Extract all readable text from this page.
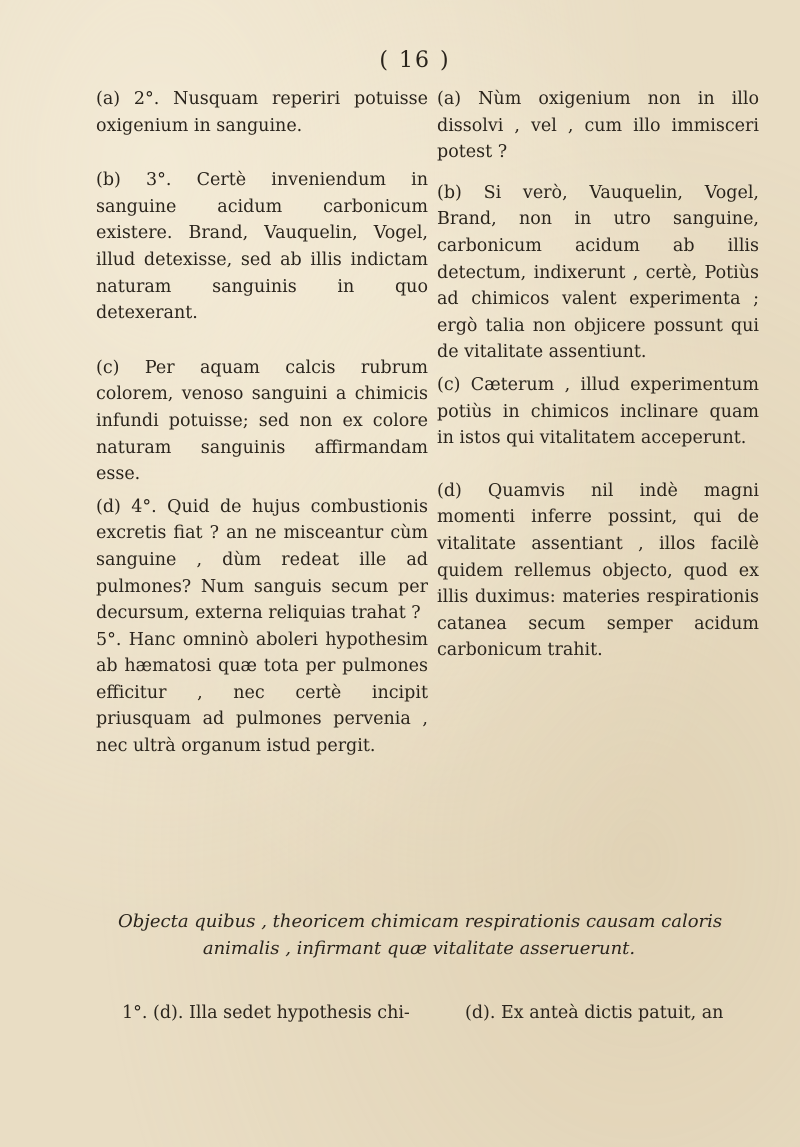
( 16 )

(a) 2°. Nusquam reperiri potuisse oxigenium in sanguine.

(b) 3°. Certè inveniendum in sanguine acidum carbonicum existere. Brand, Vauquelin, Vogel, illud detexisse, sed ab illis indictam naturam sanguinis in quo detexerant.

(c) Per aquam calcis rubrum colorem, venoso sanguini a chimicis infundi potuisse; sed non ex colore naturam sanguinis affirmandam esse.

(d) 4°. Quid de hujus combustionis excretis fiat ? an ne misceantur cùm sanguine , dùm redeat ille ad pulmones? Num sanguis secum per decursum, externa reliquias trahat ?

5°. Hanc omninò aboleri hypothesim ab hæmatosi quæ tota per pulmones efficitur , nec certè incipit priusquam ad pulmones pervenia , nec ultrà organum istud pergit.

(a) Nùm oxigenium non in illo dissolvi , vel , cum illo immisceri potest ?

(b) Si verò, Vauquelin, Vogel, Brand, non in utro sanguine, carbonicum acidum ab illis detectum, indixerunt , certè, Potiùs ad chimicos valent experimenta ; ergò talia non objicere possunt qui de vitalitate assentiunt.

(c) Cæterum , illud experimentum potiùs in chimicos inclinare quam in istos qui vitalitatem acceperunt.

(d) Quamvis nil indè magni momenti inferre possint, qui de vitalitate assentiant , illos facilè quidem rellemus objecto, quod ex illis duximus: materies respirationis catanea secum semper acidum carbonicum trahit.

Objecta quibus , theoricem chimicam respirationis causam caloris
animalis , infirmant quæ vitalitate asseruerunt.
1°. (d). Illa sedet hypothesis chi-	(d). Ex anteà dictis patuit, an
